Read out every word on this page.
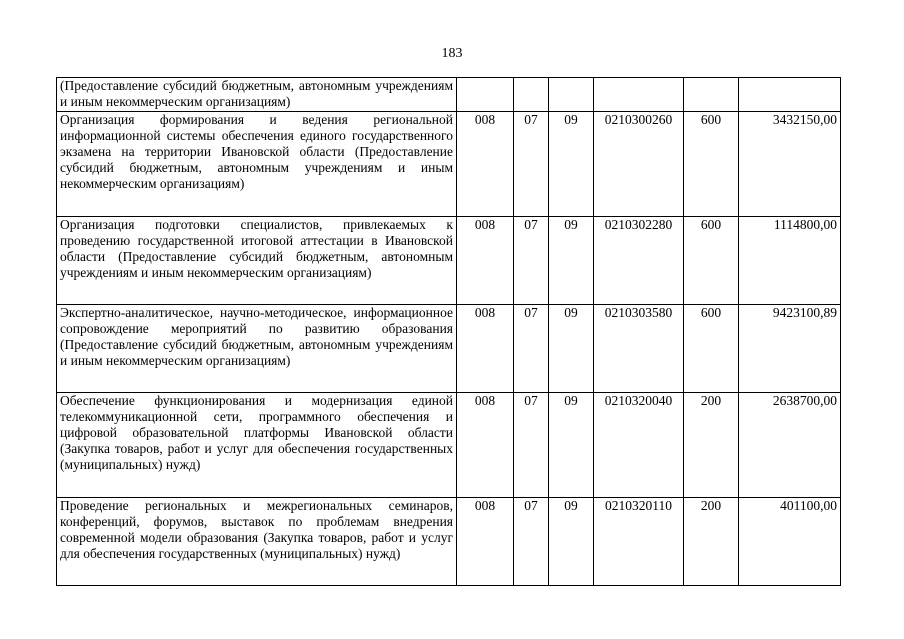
183
(Предоставление субсидий бюджетным, автономным учреждениям и иным некоммерческим организациям)						
Организация формирования и ведения региональной информационной системы обеспечения единого государственного экзамена на территории Ивановской области (Предоставление субсидий бюджетным, автономным учреждениям и иным некоммерческим организациям)	008	07	09	0210300260	600	3432150,00
Организация подготовки специалистов, привлекаемых к проведению государственной итоговой аттестации в Ивановской области (Предоставление субсидий бюджетным, автономным учреждениям и иным некоммерческим организациям)	008	07	09	0210302280	600	1114800,00
Экспертно-аналитическое, научно-методическое, информационное сопровождение мероприятий по развитию образования (Предоставление субсидий бюджетным, автономным учреждениям и иным некоммерческим организациям)	008	07	09	0210303580	600	9423100,89
Обеспечение функционирования и модернизация единой телекоммуникационной сети, программного обеспечения и цифровой образовательной платформы Ивановской области (Закупка товаров, работ и услуг для обеспечения государственных (муниципальных) нужд)	008	07	09	0210320040	200	2638700,00
Проведение региональных и межрегиональных семинаров, конференций, форумов, выставок по проблемам внедрения современной модели образования (Закупка товаров, работ и услуг для обеспечения государственных (муниципальных) нужд)	008	07	09	0210320110	200	401100,00
